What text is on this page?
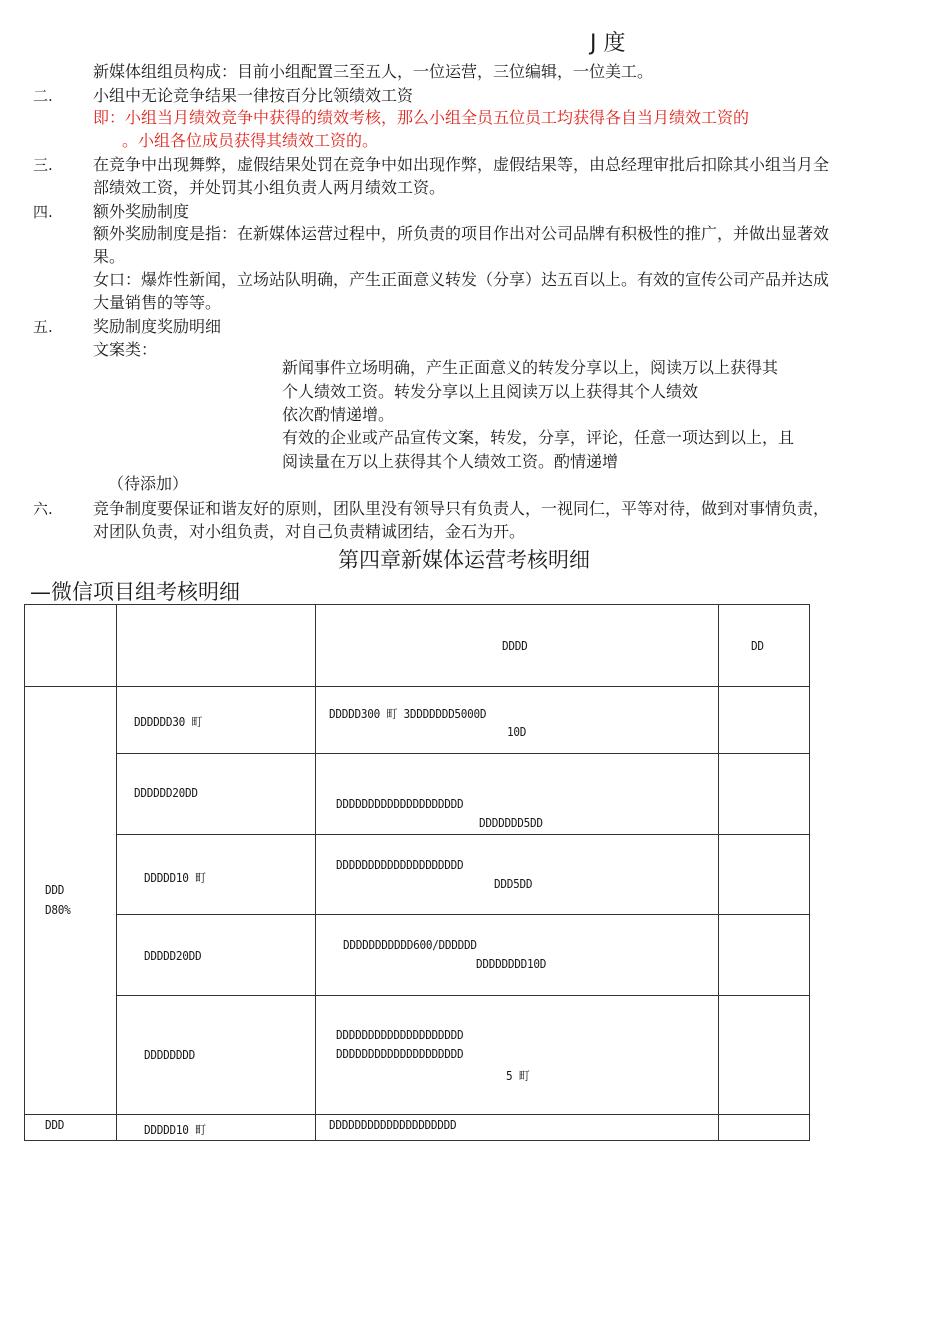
J 度
新媒体组组员构成：目前小组配置三至五人，一位运营，三位编辑，一位美工。
二.	小组中无论竞争结果一律按百分比领绩效工资
即：小组当月绩效竞争中获得的绩效考核，那么小组全员五位员工均获得各自当月绩效工资的
。小组各位成员获得其绩效工资的。
三.	在竞争中出现舞弊，虚假结果处罚在竞争中如出现作弊，虚假结果等，由总经理审批后扣除其小组当月全
部绩效工资，并处罚其小组负责人两月绩效工资。
四.	额外奖励制度
额外奖励制度是指：在新媒体运营过程中，所负责的项目作出对公司品牌有积极性的推广，并做出显著效
果。
女口：爆炸性新闻，立场站队明确，产生正面意义转发（分享）达五百以上。有效的宣传公司产品并达成
大量销售的等等。
五.	奖励制度奖励明细
文案类：
新闻事件立场明确，产生正面意义的转发分享以上，阅读万以上获得其
个人绩效工资。转发分享以上且阅读万以上获得其个人绩效
依次酌情递增。
有效的企业或产品宣传文案，转发，分享，评论，任意一项达到以上，且
阅读量在万以上获得其个人绩效工资。酌情递增
（待添加）
六.	竞争制度要保证和谐友好的原则，团队里没有领导只有负责人，一视同仁，平等对待，做到对事情负责，
对团队负责，对小组负责，对自己负责精诚团结，金石为开。
第四章新媒体运营考核明细
—微信项目组考核明细

		DDDD	DD

DDD
D80%	DDDDDD30 町	DDDDD300 町 3DDDDDDD5000D
10D	

	DDDDDD20DD	DDDDDDDDDDDDDDDDDDDD
DDDDDDD5DD	

	DDDDD10 町	DDDDDDDDDDDDDDDDDDDD
DDD5DD	

	DDDDD20DD	DDDDDDDDDDD600/DDDDDD
DDDDDDDD10D	

	DDDDDDDD	DDDDDDDDDDDDDDDDDDDD
DDDDDDDDDDDDDDDDDDDD
5 町	

DDD	DDDDD10 町	DDDDDDDDDDDDDDDDDDDD	
